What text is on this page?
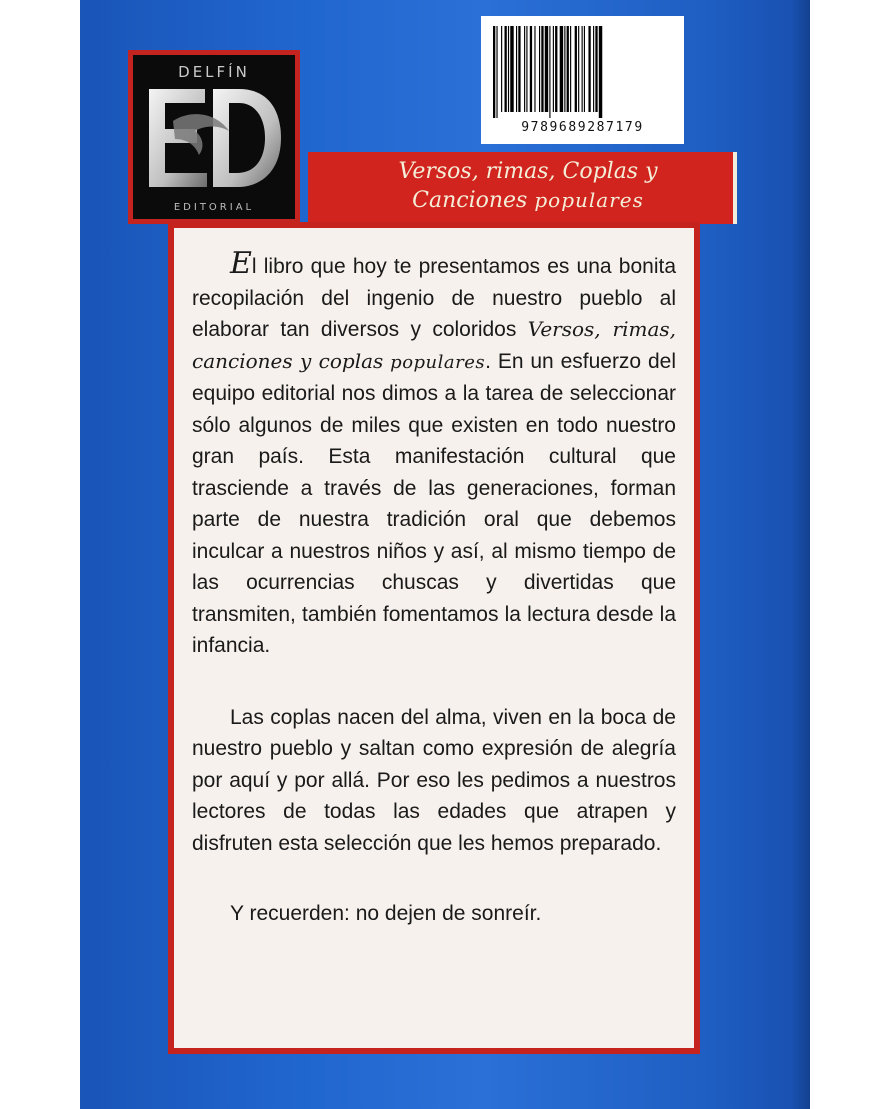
DELFÍN
EDITORIAL
9789689287179
Versos, rimas, Coplas y
Canciones populares

El libro que hoy te presentamos es una bonita recopilación del ingenio de nuestro pueblo al elaborar tan diversos y coloridos Versos, rimas, canciones y coplas populares. En un esfuerzo del equipo editorial nos dimos a la tarea de seleccionar sólo algunos de miles que existen en todo nuestro gran país. Esta manifestación cultural que trasciende a través de las generaciones, forman parte de nuestra tradición oral que debemos inculcar a nuestros niños y así, al mismo tiempo de las ocurrencias chuscas y divertidas que transmiten, también fomentamos la lectura desde la infancia.

Las coplas nacen del alma, viven en la boca de nuestro pueblo y saltan como expresión de alegría por aquí y por allá. Por eso les pedimos a nuestros lectores de todas las edades que atrapen y disfruten esta selección que les hemos preparado.

Y recuerden: no dejen de sonreír.
